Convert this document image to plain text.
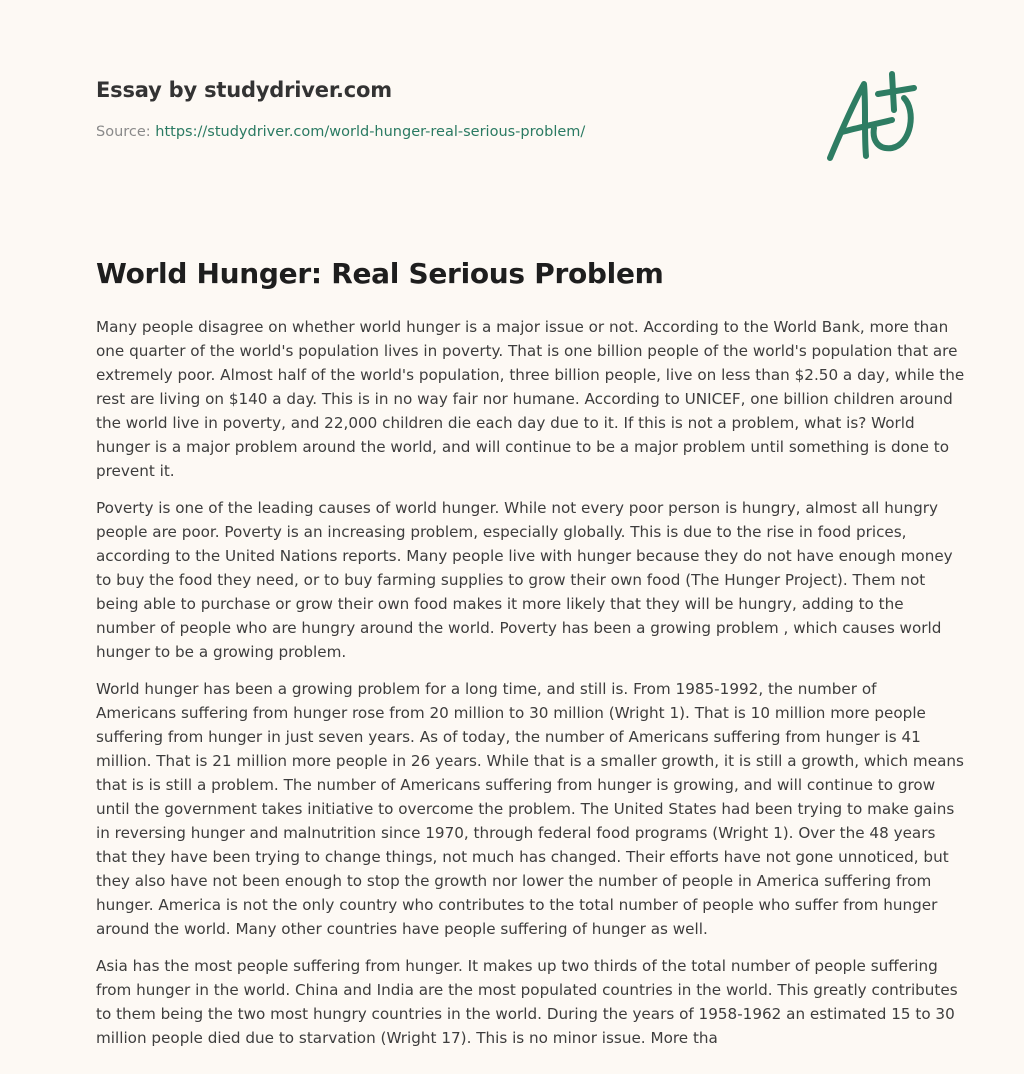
Essay by studydriver.com
Source: https://studydriver.com/world-hunger-real-serious-problem/
World Hunger: Real Serious Problem

Many people disagree on whether world hunger is a major issue or not. According to the World Bank, more than
one quarter of the world's population lives in poverty. That is one billion people of the world's population that are
extremely poor. Almost half of the world's population, three billion people, live on less than $2.50 a day, while the
rest are living on $140 a day. This is in no way fair nor humane. According to UNICEF, one billion children around
the world live in poverty, and 22,000 children die each day due to it. If this is not a problem, what is? World
hunger is a major problem around the world, and will continue to be a major problem until something is done to
prevent it.

Poverty is one of the leading causes of world hunger. While not every poor person is hungry, almost all hungry
people are poor. Poverty is an increasing problem, especially globally. This is due to the rise in food prices,
according to the United Nations reports. Many people live with hunger because they do not have enough money
to buy the food they need, or to buy farming supplies to grow their own food (The Hunger Project). Them not
being able to purchase or grow their own food makes it more likely that they will be hungry, adding to the
number of people who are hungry around the world. Poverty has been a growing problem , which causes world
hunger to be a growing problem.

World hunger has been a growing problem for a long time, and still is. From 1985-1992, the number of
Americans suffering from hunger rose from 20 million to 30 million (Wright 1). That is 10 million more people
suffering from hunger in just seven years. As of today, the number of Americans suffering from hunger is 41
million. That is 21 million more people in 26 years. While that is a smaller growth, it is still a growth, which means
that is is still a problem. The number of Americans suffering from hunger is growing, and will continue to grow
until the government takes initiative to overcome the problem. The United States had been trying to make gains
in reversing hunger and malnutrition since 1970, through federal food programs (Wright 1). Over the 48 years
that they have been trying to change things, not much has changed. Their efforts have not gone unnoticed, but
they also have not been enough to stop the growth nor lower the number of people in America suffering from
hunger. America is not the only country who contributes to the total number of people who suffer from hunger
around the world. Many other countries have people suffering of hunger as well.

Asia has the most people suffering from hunger. It makes up two thirds of the total number of people suffering
from hunger in the world. China and India are the most populated countries in the world. This greatly contributes
to them being the two most hungry countries in the world. During the years of 1958-1962 an estimated 15 to 30
million people died due to starvation (Wright 17). This is no minor issue. More tha
